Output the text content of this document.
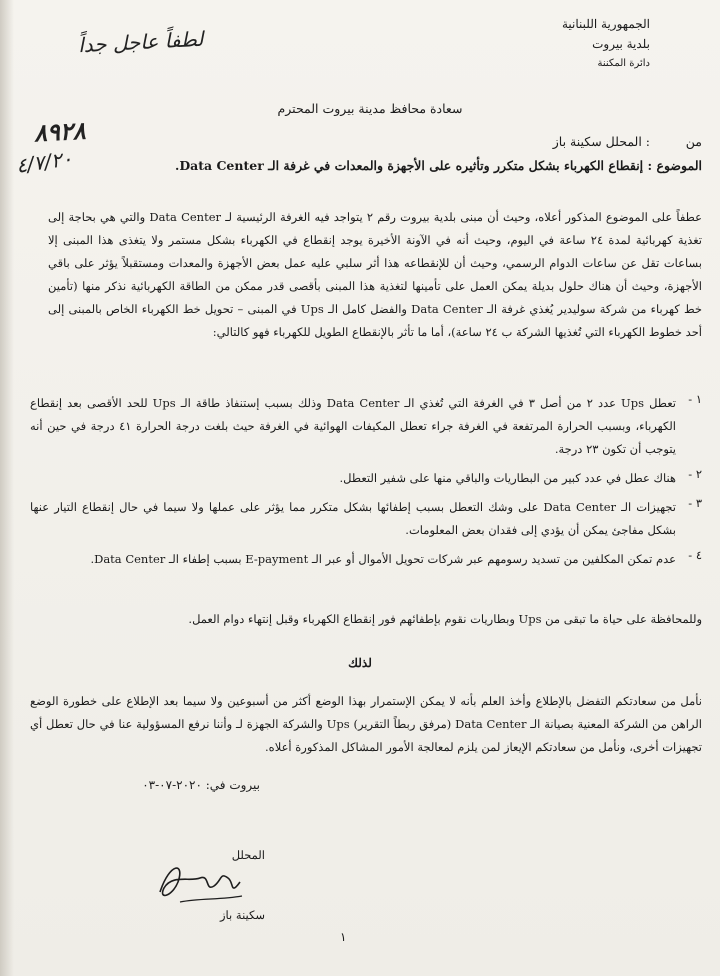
الجمهورية اللبنانية
بلدية بيروت
دائرة المكننة
لطفاً عاجل جداً
٨٩٢٨
٤/٧/٢٠
سعادة محافظ مدينة بيروت المحترم
من : المحلل سكينة باز
الموضوع : إنقطاع الكهرباء بشكل متكرر وتأثيره على الأجهزة والمعدات في غرفة الـ Data Center.
عطفاً على الموضوع المذكور أعلاه، وحيث أن مبنى بلدية بيروت رقم ٢ يتواجد فيه الغرفة الرئيسية لـ Data Center والتي هي بحاجة إلى تغذية كهربائية لمدة ٢٤ ساعة في اليوم، وحيث أنه في الآونة الأخيرة يوجد إنقطاع في الكهرباء بشكل مستمر ولا يتغذى هذا المبنى إلا بساعات تقل عن ساعات الدوام الرسمي، وحيث أن للإنقطاعه هذا أثر سلبي عليه عمل بعض الأجهزة والمعدات ومستقبلاً يؤثر على باقي الأجهزة، وحيث أن هناك حلول بديلة يمكن العمل على تأمينها لتغذية هذا المبنى بأقصى قدر ممكن من الطاقة الكهربائية نذكر منها (تأمين خط كهرباء من شركة سوليدير يُغذي غرفة الـ Data Center والفضل كامل الـ Ups في المبنى – تحويل خط الكهرباء الخاص بالمبنى إلى أحد خطوط الكهرباء التي تُغذيها الشركة ب ٢٤ ساعة)، أما ما تأثر بالإنقطاع الطويل للكهرباء فهو كالتالي:
١ -
تعطل Ups عدد ٢ من أصل ٣ في الغرفة التي تُغذي الـ Data Center وذلك بسبب إستنفاذ طاقة الـ Ups للحد الأقصى بعد إنقطاع الكهرباء، وبسبب الحرارة المرتفعة في الغرفة جراء تعطل المكيفات الهوائية في الغرفة حيث بلغت درجة الحرارة ٤١ درجة في حين أنه يتوجب أن تكون ٢٣ درجة.
٢ -
هناك عطل في عدد كبير من البطاريات والباقي منها على شفير التعطل.
٣ -
تجهيزات الـ Data Center على وشك التعطل بسبب إطفائها بشكل متكرر مما يؤثر على عملها ولا سيما في حال إنقطاع التيار عنها بشكل مفاجئ يمكن أن يؤدي إلى فقدان بعض المعلومات.
٤ -
عدم تمكن المكلفين من تسديد رسومهم عبر شركات تحويل الأموال أو عبر الـ E-payment بسبب إطفاء الـ Data Center.
وللمحافظة على حياة ما تبقى من Ups وبطاريات نقوم بإطفائهم فور إنقطاع الكهرباء وقبل إنتهاء دوام العمل.
لذلك
نأمل من سعادتكم التفضل بالإطلاع وأخذ العلم بأنه لا يمكن الإستمرار بهذا الوضع أكثر من أسبوعين ولا سيما بعد الإطلاع على خطورة الوضع الراهن من الشركة المعنية بصيانة الـ Data Center (مرفق ربطاً التقرير) Ups والشركة الجهزة لـ وأننا نرفع المسؤولية عنا في حال تعطل أي تجهيزات أخرى، ونأمل من سعادتكم الإيعاز لمن يلزم لمعالجة الأمور المشاكل المذكورة أعلاه.
بيروت في: ٢٠٢٠-٠٧-٠٣
المحلل
سكينة باز
١
